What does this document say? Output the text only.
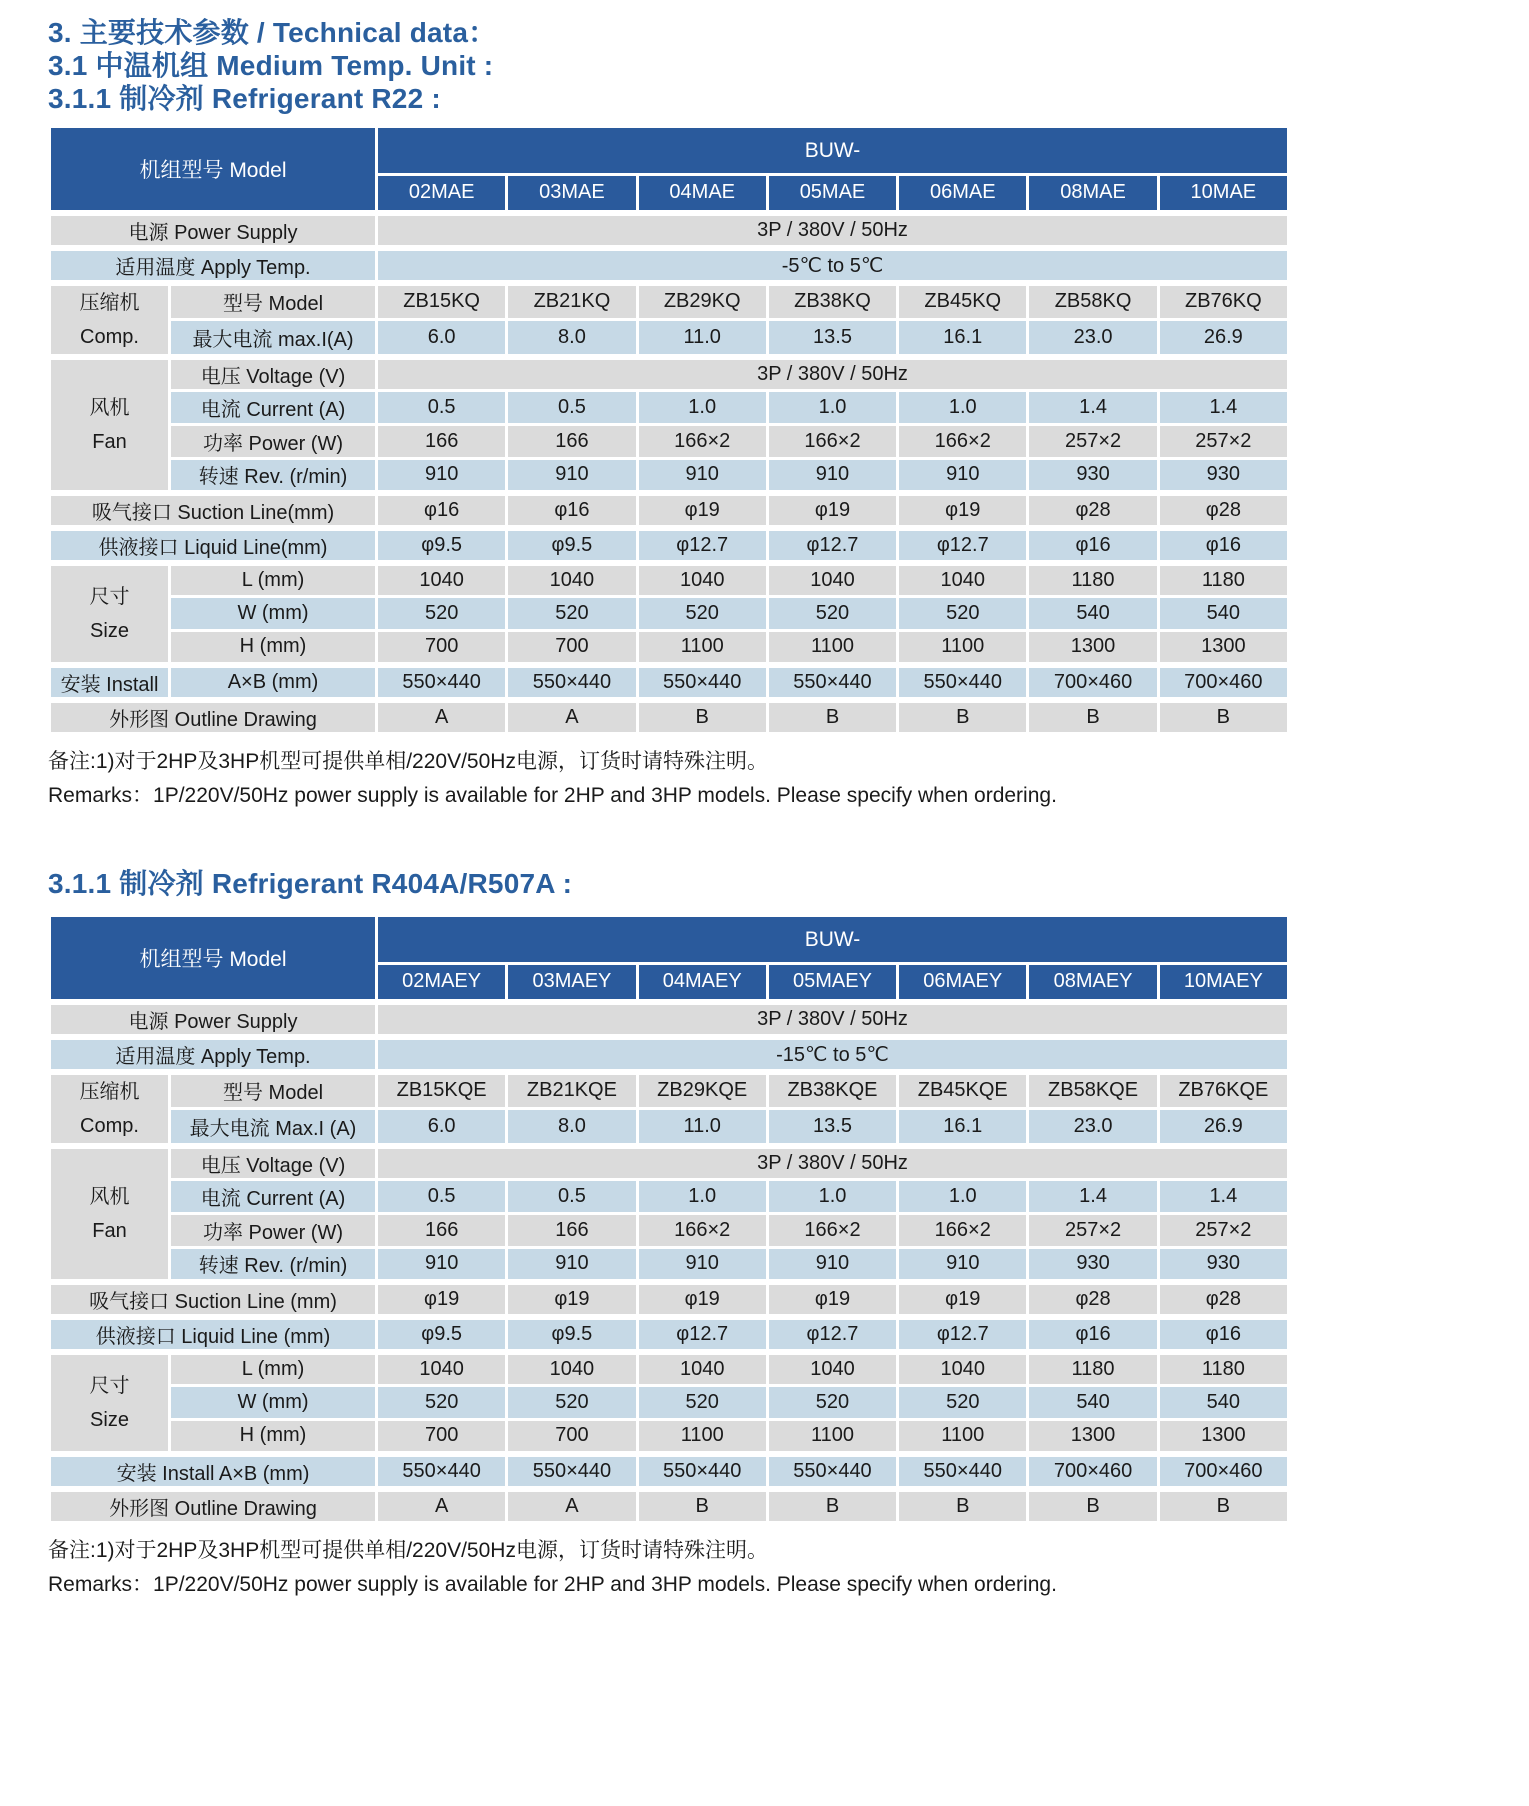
3. 主要技术参数 / Technical data：
3.1 中温机组 Medium Temp. Unit :
3.1.1 制冷剂 Refrigerant R22 :
机组型号 Model		BUW-						
		02MAE	03MAE	04MAE	05MAE	06MAE	08MAE	10MAE
电源 Power Supply		3P / 380V / 50Hz						
适用温度 Apply Temp.		-5℃ to 5℃						

压缩机
Comp.	型号 Model	ZB15KQ	ZB21KQ	ZB29KQ	ZB38KQ	ZB45KQ	ZB58KQ	ZB76KQ
	最大电流 max.I(A)	6.0	8.0	11.0	13.5	16.1	23.0	26.9

风机
Fan	电压 Voltage (V)	3P / 380V / 50Hz						
	电流 Current (A)	0.5	0.5	1.0	1.0	1.0	1.4	1.4
	功率 Power (W)	166	166	166×2	166×2	166×2	257×2	257×2
	转速 Rev. (r/min)	910	910	910	910	910	930	930
吸气接口 Suction Line(mm)		φ16	φ16	φ19	φ19	φ19	φ28	φ28
供液接口 Liquid Line(mm)		φ9.5	φ9.5	φ12.7	φ12.7	φ12.7	φ16	φ16

尺寸
Size	L (mm)	1040	1040	1040	1040	1040	1180	1180
	W (mm)	520	520	520	520	520	540	540
	H (mm)	700	700	1100	1100	1100	1300	1300
安装 Install	A×B (mm)	550×440	550×440	550×440	550×440	550×440	700×460	700×460
外形图 Outline Drawing		A	A	B	B	B	B	B
备注:1)对于2HP及3HP机型可提供单相/220V/50Hz电源，订货时请特殊注明。
Remarks：1P/220V/50Hz power supply is available for 2HP and 3HP models. Please specify when ordering.
3.1.1 制冷剂 Refrigerant R404A/R507A :
机组型号 Model		BUW-						
		02MAEY	03MAEY	04MAEY	05MAEY	06MAEY	08MAEY	10MAEY
电源 Power Supply		3P / 380V / 50Hz						
适用温度 Apply Temp.		-15℃ to 5℃						

压缩机
Comp.	型号 Model	ZB15KQE	ZB21KQE	ZB29KQE	ZB38KQE	ZB45KQE	ZB58KQE	ZB76KQE
	最大电流 Max.I (A)	6.0	8.0	11.0	13.5	16.1	23.0	26.9

风机
Fan	电压 Voltage (V)	3P / 380V / 50Hz						
	电流 Current (A)	0.5	0.5	1.0	1.0	1.0	1.4	1.4
	功率 Power (W)	166	166	166×2	166×2	166×2	257×2	257×2
	转速 Rev. (r/min)	910	910	910	910	910	930	930
吸气接口 Suction Line (mm)		φ19	φ19	φ19	φ19	φ19	φ28	φ28
供液接口 Liquid Line (mm)		φ9.5	φ9.5	φ12.7	φ12.7	φ12.7	φ16	φ16

尺寸
Size	L (mm)	1040	1040	1040	1040	1040	1180	1180
	W (mm)	520	520	520	520	520	540	540
	H (mm)	700	700	1100	1100	1100	1300	1300
安装 Install A×B (mm)		550×440	550×440	550×440	550×440	550×440	700×460	700×460
外形图 Outline Drawing		A	A	B	B	B	B	B
备注:1)对于2HP及3HP机型可提供单相/220V/50Hz电源，订货时请特殊注明。
Remarks：1P/220V/50Hz power supply is available for 2HP and 3HP models. Please specify when ordering.
